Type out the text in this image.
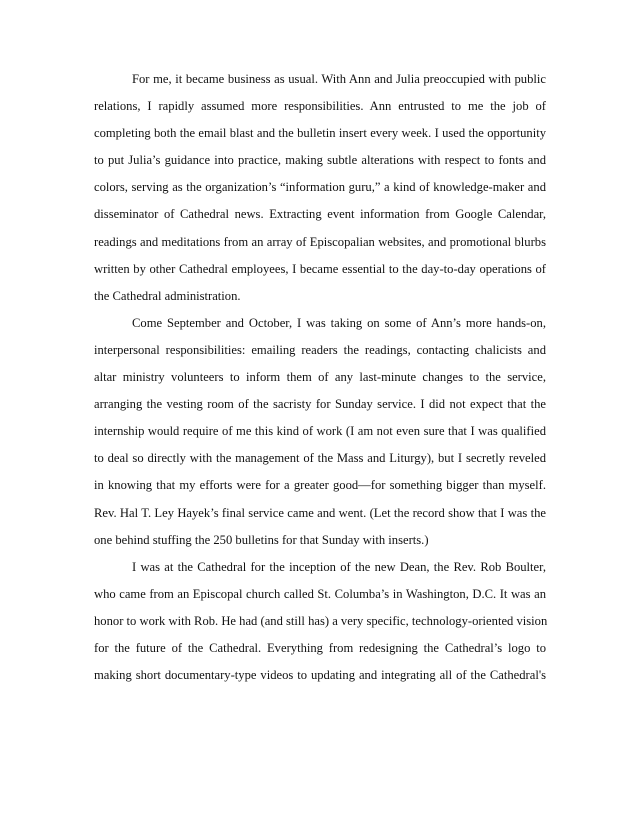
For me, it became business as usual. With Ann and Julia preoccupied with public
relations, I rapidly assumed more responsibilities. Ann entrusted to me the job of
completing both the email blast and the bulletin insert every week. I used the opportunity
to put Julia’s guidance into practice, making subtle alterations with respect to fonts and
colors, serving as the organization’s “information guru,” a kind of knowledge-maker and
disseminator of Cathedral news. Extracting event information from Google Calendar,
readings and meditations from an array of Episcopalian websites, and promotional blurbs
written by other Cathedral employees, I became essential to the day-to-day operations of
the Cathedral administration.
Come September and October, I was taking on some of Ann’s more hands-on,
interpersonal responsibilities: emailing readers the readings, contacting chalicists and
altar ministry volunteers to inform them of any last-minute changes to the service,
arranging the vesting room of the sacristy for Sunday service. I did not expect that the
internship would require of me this kind of work (I am not even sure that I was qualified
to deal so directly with the management of the Mass and Liturgy), but I secretly reveled
in knowing that my efforts were for a greater good—for something bigger than myself.
Rev. Hal T. Ley Hayek’s final service came and went. (Let the record show that I was the
one behind stuffing the 250 bulletins for that Sunday with inserts.)
I was at the Cathedral for the inception of the new Dean, the Rev. Rob Boulter,
who came from an Episcopal church called St. Columba’s in Washington, D.C. It was an
honor to work with Rob. He had (and still has) a very specific, technology-oriented vision
for the future of the Cathedral. Everything from redesigning the Cathedral’s logo to
making short documentary-type videos to updating and integrating all of the Cathedral's
